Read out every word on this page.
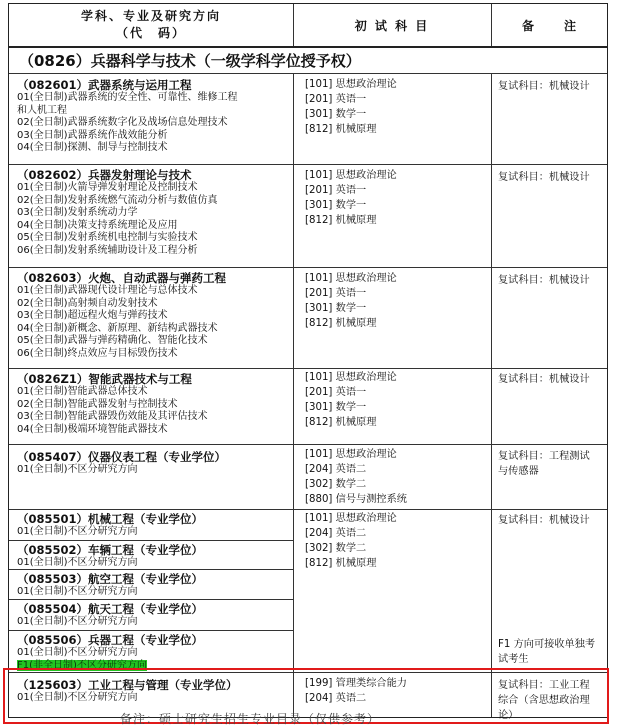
学科、专业及研究方向
（代　码）
初 试 科 目	备　　注
（0826）兵器科学与技术（一级学科学位授予权）
（082601）武器系统与运用工程
01(全日制)武器系统的安全性、可靠性、维修工程
和人机工程
02(全日制)武器系统数字化及战场信息处理技术
03(全日制)武器系统作战效能分析
04(全日制)探测、制导与控制技术
[101] 思想政治理论
[201] 英语一
[301] 数学一
[812] 机械原理
复试科目：机械设计
（082602）兵器发射理论与技术
01(全日制)火箭导弹发射理论及控制技术
02(全日制)发射系统燃气流动分析与数值仿真
03(全日制)发射系统动力学
04(全日制)决策支持系统理论及应用
05(全日制)发射系统机电控制与实验技术
06(全日制)发射系统辅助设计及工程分析
[101] 思想政治理论
[201] 英语一
[301] 数学一
[812] 机械原理
复试科目：机械设计
（082603）火炮、自动武器与弹药工程
01(全日制)武器现代设计理论与总体技术
02(全日制)高射频自动发射技术
03(全日制)超远程火炮与弹药技术
04(全日制)新概念、新原理、新结构武器技术
05(全日制)武器与弹药精确化、智能化技术
06(全日制)终点效应与目标毁伤技术
[101] 思想政治理论
[201] 英语一
[301] 数学一
[812] 机械原理
复试科目：机械设计
（0826Z1）智能武器技术与工程
01(全日制)智能武器总体技术
02(全日制)智能武器发射与控制技术
03(全日制)智能武器毁伤效能及其评估技术
04(全日制)极端环境智能武器技术
[101] 思想政治理论
[201] 英语一
[301] 数学一
[812] 机械原理
复试科目：机械设计
（085407）仪器仪表工程（专业学位）
01(全日制)不区分研究方向
[101] 思想政治理论
[204] 英语二
[302] 数学二
[880] 信号与测控系统
复试科目：工程测试与传感器
（085501）机械工程（专业学位）
01(全日制)不区分研究方向
（085502）车辆工程（专业学位）
01(全日制)不区分研究方向
（085503）航空工程（专业学位）
01(全日制)不区分研究方向
（085504）航天工程（专业学位）
01(全日制)不区分研究方向
（085506）兵器工程（专业学位）
01(全日制)不区分研究方向
F1(非全日制)不区分研究方向
[101] 思想政治理论
[204] 英语二
[302] 数学二
[812] 机械原理
复试科目：机械设计
F1 方向可接收单独考试考生
（125603）工业工程与管理（专业学位）
01(全日制)不区分研究方向
[199] 管理类综合能力
[204] 英语二
复试科目：工业工程综合（含思想政治理论）
备注：硕士研究生招生专业目录（仅供参考）
